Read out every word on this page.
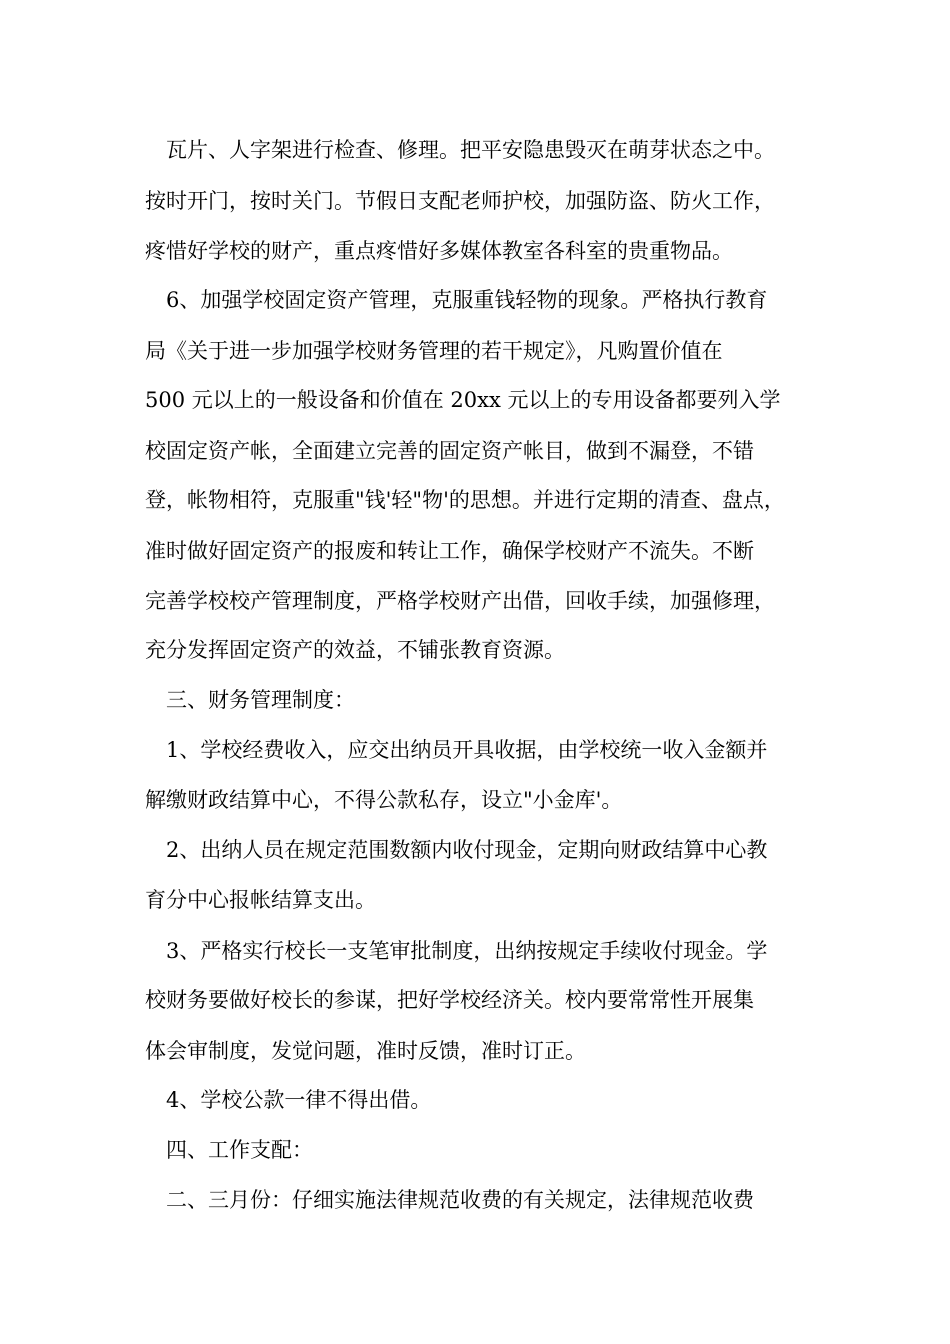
瓦片、人字架进行检查、修理。把平安隐患毁灭在萌芽状态之中。
按时开门，按时关门。节假日支配老师护校，加强防盗、防火工作，
疼惜好学校的财产，重点疼惜好多媒体教室各科室的贵重物品。
6、加强学校固定资产管理，克服重钱轻物的现象。严格执行教育
局《关于进一步加强学校财务管理的若干规定》，凡购置价值在
500 元以上的一般设备和价值在 20xx 元以上的专用设备都要列入学
校固定资产帐，全面建立完善的固定资产帐目，做到不漏登，不错
登，帐物相符，克服重"钱'轻"物'的思想。并进行定期的清查、盘点，
准时做好固定资产的报废和转让工作，确保学校财产不流失。不断
完善学校校产管理制度，严格学校财产出借，回收手续，加强修理，
充分发挥固定资产的效益，不铺张教育资源。
三、财务管理制度：
1、学校经费收入，应交出纳员开具收据，由学校统一收入金额并
解缴财政结算中心，不得公款私存，设立"小金库'。
2、出纳人员在规定范围数额内收付现金，定期向财政结算中心教
育分中心报帐结算支出。
3、严格实行校长一支笔审批制度，出纳按规定手续收付现金。学
校财务要做好校长的参谋，把好学校经济关。校内要常常性开展集
体会审制度，发觉问题，准时反馈，准时订正。
4、学校公款一律不得出借。
四、工作支配：
二、三月份：仔细实施法律规范收费的有关规定，法律规范收费
